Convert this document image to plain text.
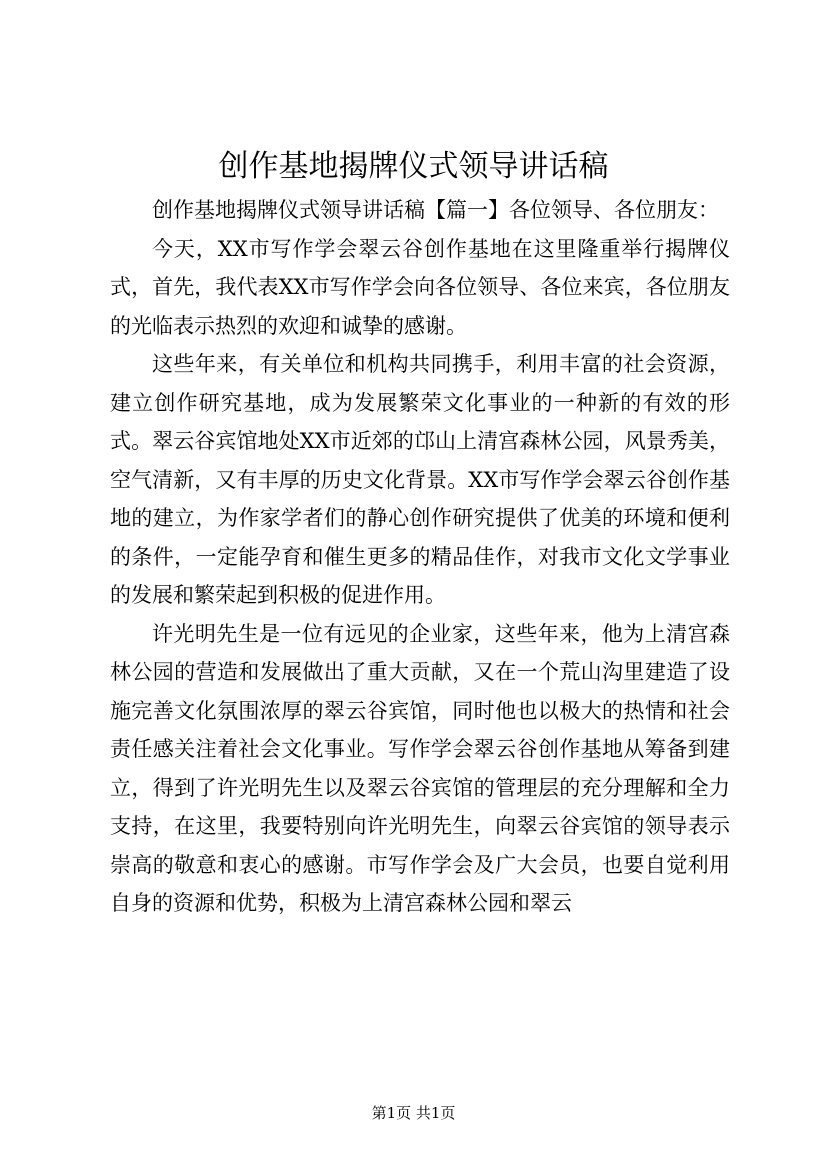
创作基地揭牌仪式领导讲话稿

创作基地揭牌仪式领导讲话稿【篇一】各位领导、各位朋友：

今天，XX市写作学会翠云谷创作基地在这里隆重举行揭牌仪式，首先，我代表XX市写作学会向各位领导、各位来宾，各位朋友的光临表示热烈的欢迎和诚挚的感谢。

这些年来，有关单位和机构共同携手，利用丰富的社会资源，建立创作研究基地，成为发展繁荣文化事业的一种新的有效的形式。翠云谷宾馆地处XX市近郊的邙山上清宫森林公园，风景秀美，空气清新，又有丰厚的历史文化背景。XX市写作学会翠云谷创作基地的建立，为作家学者们的静心创作研究提供了优美的环境和便利的条件，一定能孕育和催生更多的精品佳作，对我市文化文学事业的发展和繁荣起到积极的促进作用。

许光明先生是一位有远见的企业家，这些年来，他为上清宫森林公园的营造和发展做出了重大贡献，又在一个荒山沟里建造了设施完善文化氛围浓厚的翠云谷宾馆，同时他也以极大的热情和社会责任感关注着社会文化事业。写作学会翠云谷创作基地从筹备到建立，得到了许光明先生以及翠云谷宾馆的管理层的充分理解和全力支持，在这里，我要特别向许光明先生，向翠云谷宾馆的领导表示崇高的敬意和衷心的感谢。市写作学会及广大会员，也要自觉利用自身的资源和优势，积极为上清宫森林公园和翠云

第1页 共1页
